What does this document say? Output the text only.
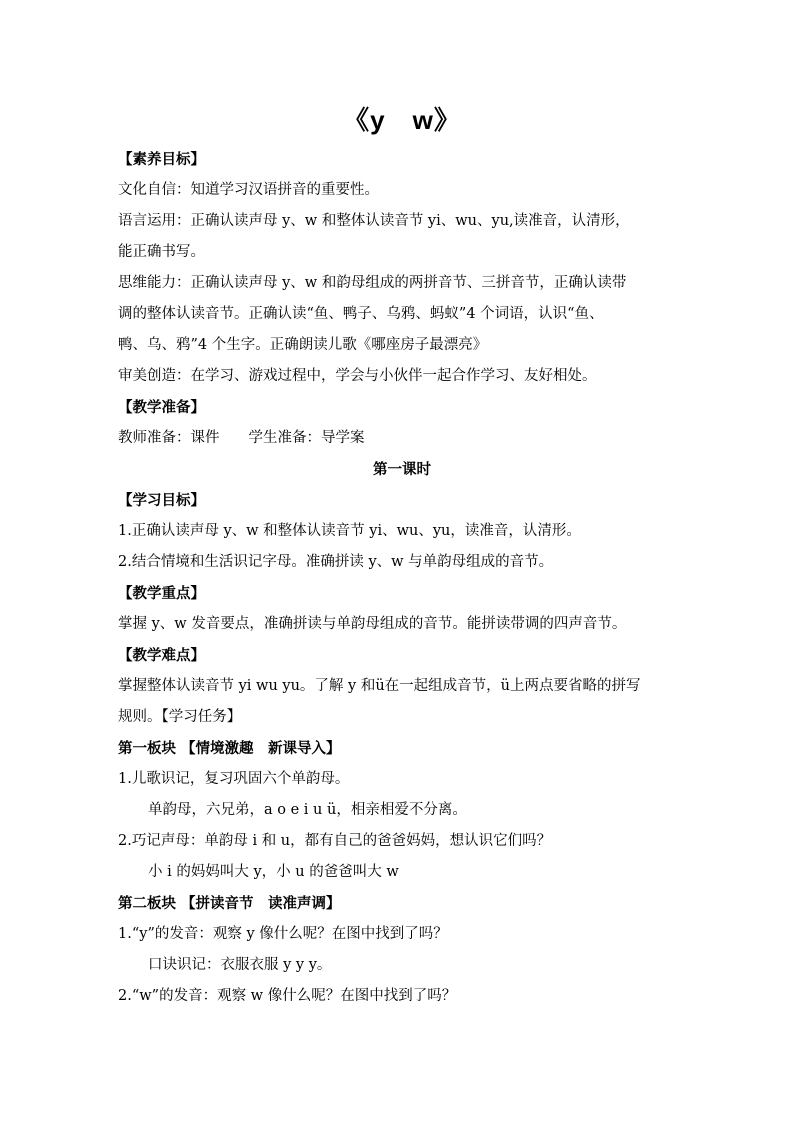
《y　w》
【素养目标】
文化自信：知道学习汉语拼音的重要性。
语言运用：正确认读声母 y、w 和整体认读音节 yi、wu、yu,读准音，认清形，
能正确书写。
思维能力：正确认读声母 y、w 和韵母组成的两拼音节、三拼音节，正确认读带
调的整体认读音节。正确认读“鱼、鸭子、乌鸦、蚂蚁”4 个词语，认识“鱼、
鸭、乌、鸦”4 个生字。正确朗读儿歌《哪座房子最漂亮》
审美创造：在学习、游戏过程中，学会与小伙伴一起合作学习、友好相处。
【教学准备】
教师准备：课件　　学生准备：导学案
第一课时
【学习目标】
1.正确认读声母 y、w 和整体认读音节 yi、wu、yu，读准音，认清形。
2.结合情境和生活识记字母。准确拼读 y、w 与单韵母组成的音节。
【教学重点】
掌握 y、w 发音要点，准确拼读与单韵母组成的音节。能拼读带调的四声音节。
【教学难点】
掌握整体认读音节 yi wu yu。了解 y 和ü在一起组成音节，ü上两点要省略的拼写
规则。【学习任务】
第一板块 【情境激趣　新课导入】
1.儿歌识记，复习巩固六个单韵母。
单韵母，六兄弟，a o e i u ü，相亲相爱不分离。
2.巧记声母：单韵母 i 和 u，都有自己的爸爸妈妈，想认识它们吗？
小 i 的妈妈叫大 y，小 u 的爸爸叫大 w
第二板块 【拼读音节　读准声调】
1.“y”的发音：观察 y 像什么呢？在图中找到了吗？
口诀识记：衣服衣服 y y y。
2.“w”的发音：观察 w 像什么呢？在图中找到了吗？
